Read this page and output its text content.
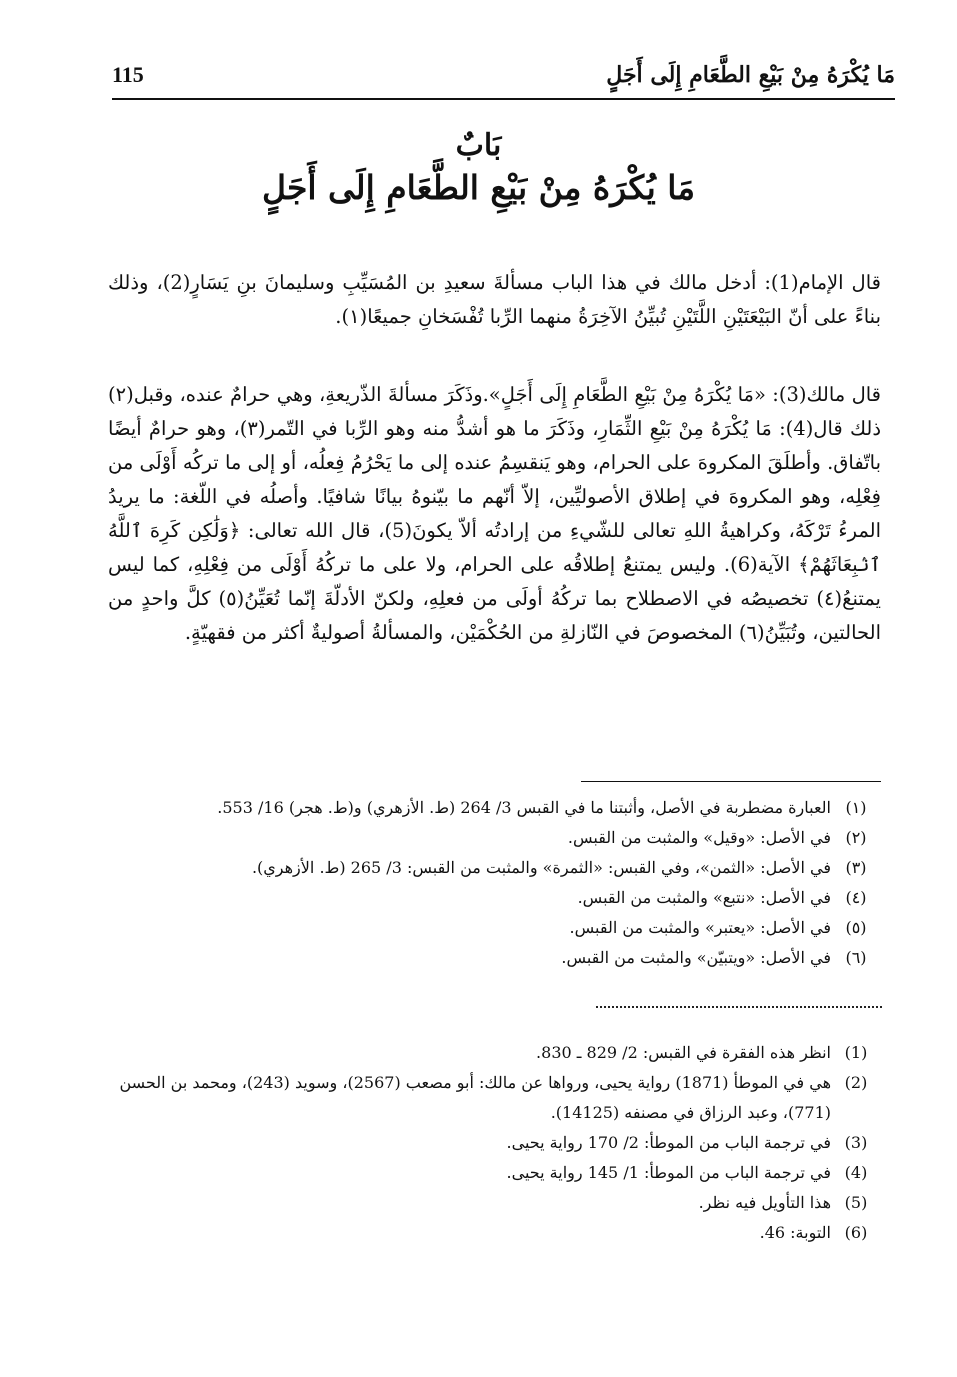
115	مَا يُكْرَهُ مِنْ بَيْعِ الطَّعَامِ إِلَى أَجَلٍ
بَابٌ
مَا يُكْرَهُ مِنْ بَيْعِ الطَّعَامِ إِلَى أَجَلٍ

قال الإمام(1): أدخل مالك في هذا الباب مسألةَ سعيدِ بن المُسَيِّبِ وسليمانَ بنِ يَسَارٍ(2)، وذلك بناءً على أنّ البَيْعَتَيْنِ اللَّتَيْنِ تُبيِّنُ الآخِرَةُ منهما الرِّبا تُفْسَخانِ جميعًا(١).

قال مالك(3): «مَا يُكْرَهُ مِنْ بَيْعِ الطَّعَامِ إِلَى أَجَلٍ».وذَكَرَ مسألةَ الذّريعةِ، وهي حرامٌ عنده، وقبل(٢) ذلك قال(4): مَا يُكْرَهُ مِنْ بَيْعِ الثِّمَارِ، وذَكَرَ ما هو أشدُّ منه وهو الرِّبا في التّمر(٣)، وهو حرامٌ أيضًا باتّفاق. وأطلَقَ المكروهَ على الحرام، وهو يَنقسِمُ عنده إلى ما يَحْرُمُ فِعلُه، أو إلى ما تركُه أَوْلَى من فِعْلِه، وهو المكروهَ في إطلاق الأصوليِّين، إلاّ أنّهم ما بيّنوهُ بيانًا شافيًا. وأصلُه في اللّغة: ما يريدُ المرءُ تَرْكَهُ، وكراهيةُ اللهِ تعالى للشّيءِ من إرادتُه ألاّ يكونَ(5)، قال الله تعالى: ﴿وَلَٰكِن كَرِهَ ٱللَّهُ ٱنۢبِعَاثَهُمْ﴾ الآية(6). وليس يمتنعُ إطلاقُه على الحرام، ولا على ما تركُهُ أَوْلَى من فِعْلِهِ، كما ليس يمتنعُ(٤) تخصيصُه في الاصطلاح بما تركُهُ أولَى من فعلِهِ، ولكنّ الأدلّةَ إنّما تُعَيِّنُ(٥) كلَّ واحدٍ من الحالتين، وتُبَيِّنُ(٦) المخصوصَ في النّازلةِ من الحُكْمَيْن، والمسألةُ أصوليةٌ أكثر من فقهيّةٍ.

(١)
العبارة مضطربة في الأصل، وأثبتنا ما في القبس 3/ 264 (ط. الأزهري) و(ط. هجر) 16/ 553.
(٢)
في الأصل: «وقيل» والمثبت من القبس.
(٣)
في الأصل: «الثمن»، وفي القبس: «الثمرة» والمثبت من القبس: 3/ 265 (ط. الأزهري).
(٤)
في الأصل: «نتبع» والمثبت من القبس.
(٥)
في الأصل: «يعتبر» والمثبت من القبس.
(٦)
في الأصل: «ويتبيّن» والمثبت من القبس.
(1)
انظر هذه الفقرة في القبس: 2/ 829 ـ 830.
(2)
هي في الموطأ (1871) رواية يحيى، ورواها عن مالك: أبو مصعب (2567)، وسويد (243)، ومحمد بن الحسن (771)، وعبد الرزاق في مصنفه (14125).
(3)
في ترجمة الباب من الموطأ: 2/ 170 رواية يحيى.
(4)
في ترجمة الباب من الموطأ: 1/ 145 رواية يحيى.
(5)
هذا التأويل فيه نظر.
(6)
التوبة: 46.
